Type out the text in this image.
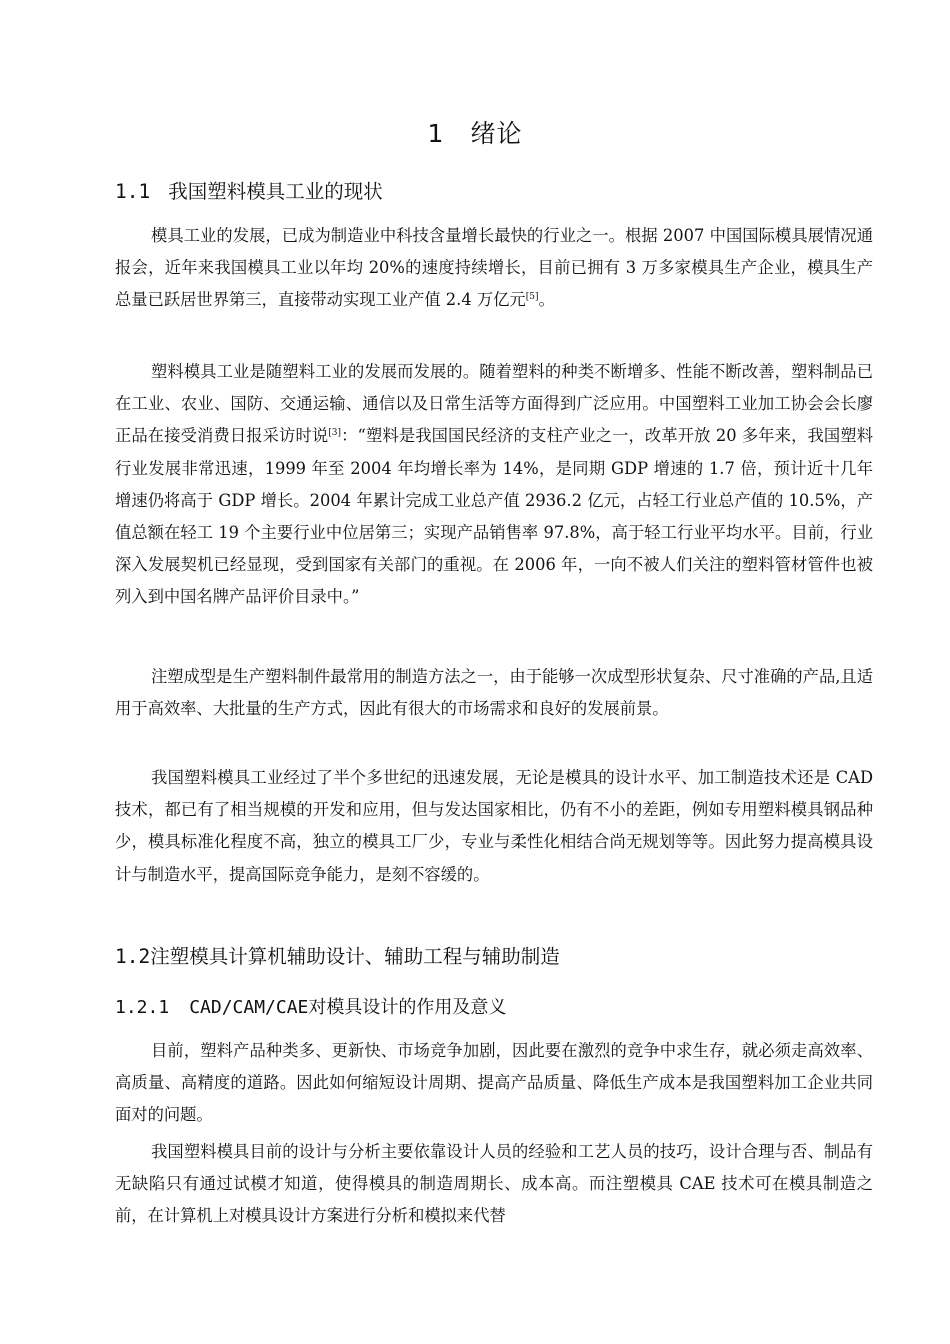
1 绪论
1.1 我国塑料模具工业的现状

模具工业的发展，已成为制造业中科技含量增长最快的行业之一。根据 2007 中国国际模具展情况通报会，近年来我国模具工业以年均 20%的速度持续增长，目前已拥有 3 万多家模具生产企业，模具生产总量已跃居世界第三，直接带动实现工业产值 2.4 万亿元[5]。

塑料模具工业是随塑料工业的发展而发展的。随着塑料的种类不断增多、性能不断改善，塑料制品已在工业、农业、国防、交通运输、通信以及日常生活等方面得到广泛应用。中国塑料工业加工协会会长廖正品在接受消费日报采访时说[3]：“塑料是我国国民经济的支柱产业之一，改革开放 20 多年来，我国塑料行业发展非常迅速，1999 年至 2004 年均增长率为 14%，是同期 GDP 增速的 1.7 倍，预计近十几年增速仍将高于 GDP 增长。2004 年累计完成工业总产值 2936.2 亿元，占轻工行业总产值的 10.5%，产值总额在轻工 19 个主要行业中位居第三；实现产品销售率 97.8%，高于轻工行业平均水平。目前，行业深入发展契机已经显现，受到国家有关部门的重视。在 2006 年，一向不被人们关注的塑料管材管件也被列入到中国名牌产品评价目录中。”

注塑成型是生产塑料制件最常用的制造方法之一，由于能够一次成型形状复杂、尺寸准确的产品,且适用于高效率、大批量的生产方式，因此有很大的市场需求和良好的发展前景。

我国塑料模具工业经过了半个多世纪的迅速发展，无论是模具的设计水平、加工制造技术还是 CAD 技术，都已有了相当规模的开发和应用，但与发达国家相比，仍有不小的差距，例如专用塑料模具钢品种少，模具标准化程度不高，独立的模具工厂少，专业与柔性化相结合尚无规划等等。因此努力提高模具设计与制造水平，提高国际竞争能力，是刻不容缓的。

1.2注塑模具计算机辅助设计、辅助工程与辅助制造
1.2.1 CAD/CAM/CAE对模具设计的作用及意义

目前，塑料产品种类多、更新快、市场竞争加剧，因此要在激烈的竞争中求生存，就必须走高效率、高质量、高精度的道路。因此如何缩短设计周期、提高产品质量、降低生产成本是我国塑料加工企业共同面对的问题。

我国塑料模具目前的设计与分析主要依靠设计人员的经验和工艺人员的技巧，设计合理与否、制品有无缺陷只有通过试模才知道，使得模具的制造周期长、成本高。而注塑模具 CAE 技术可在模具制造之前，在计算机上对模具设计方案进行分析和模拟来代替
